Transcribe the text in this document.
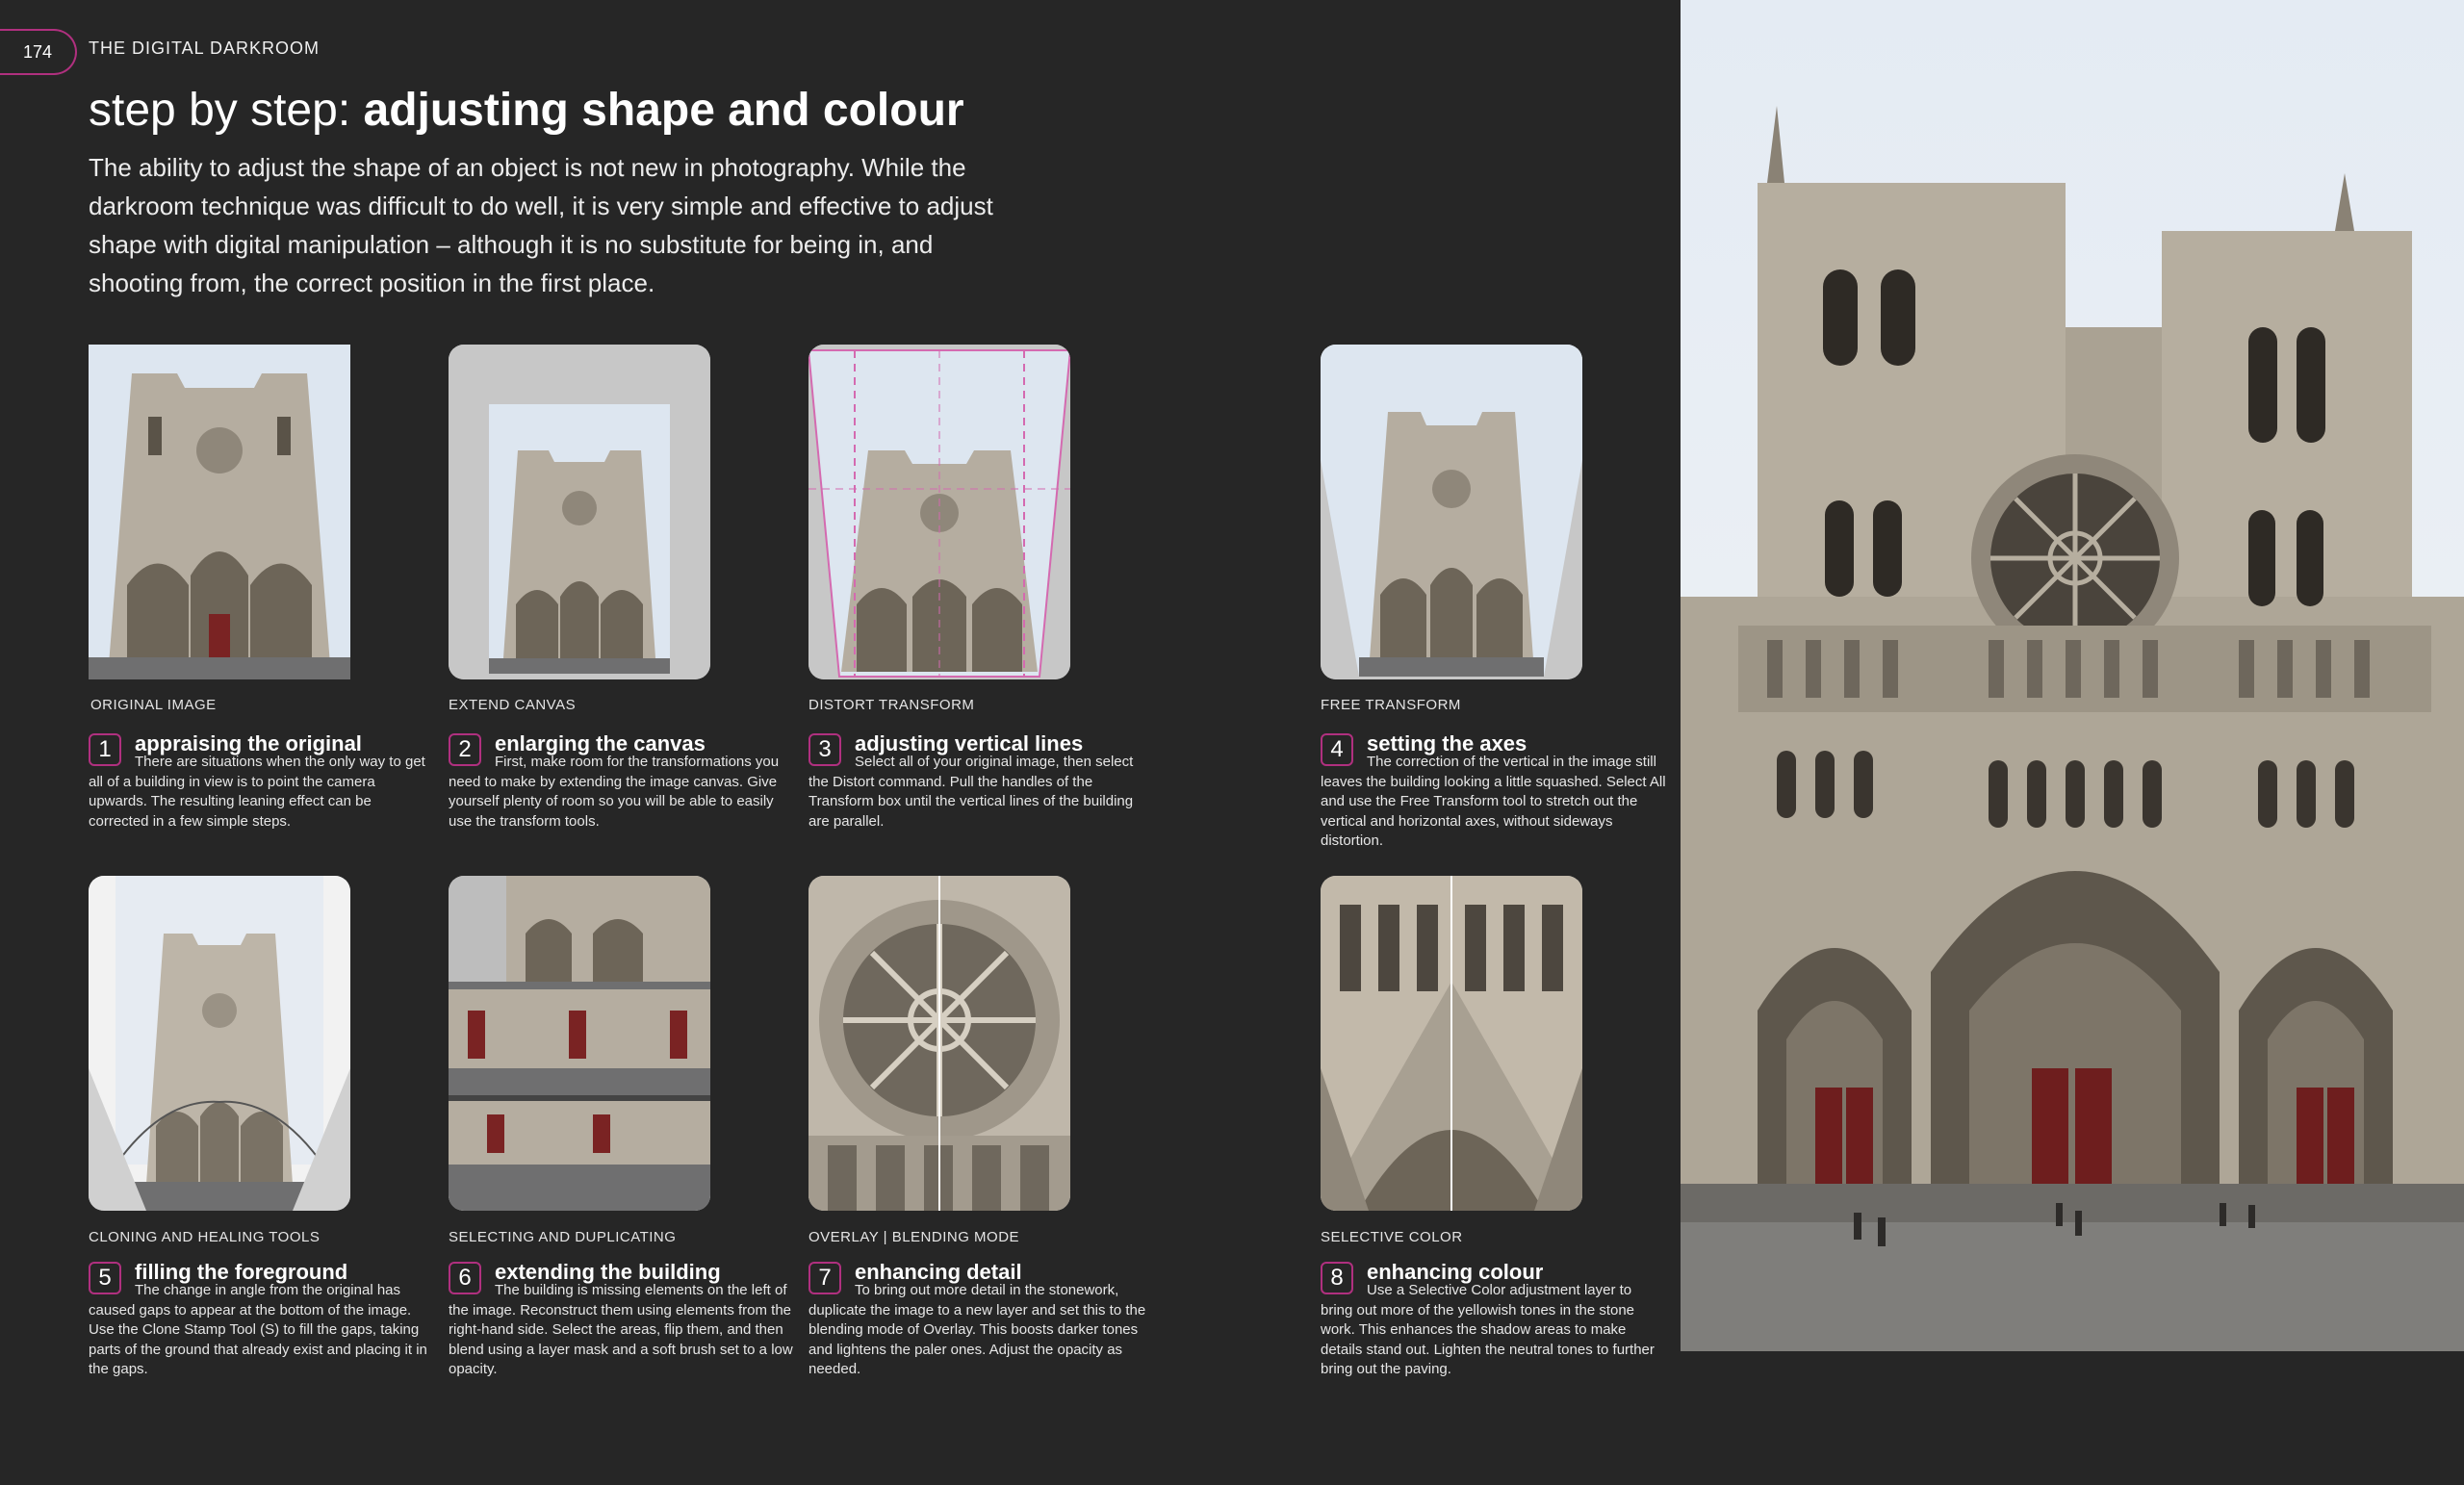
174 THE DIGITAL DARKROOM
step by step: adjusting shape and colour
The ability to adjust the shape of an object is not new in photography. While the darkroom technique was difficult to do well, it is very simple and effective to adjust shape with digital manipulation – although it is no substitute for being in, and shooting from, the correct position in the first place.
ORIGINAL IMAGE	EXTEND CANVAS	DISTORT TRANSFORM	FREE TRANSFORM
CLONING AND HEALING TOOLS	SELECTING AND DUPLICATING	OVERLAY | BLENDING MODE	SELECTIVE COLOR
1	appraising the original
There are situations when the only way to get all of a building in view is to point the camera upwards. The resulting leaning effect can be corrected in a few simple steps.
2	enlarging the canvas
First, make room for the transformations you need to make by extending the image canvas. Give yourself plenty of room so you will be able to easily use the transform tools.
3	adjusting vertical lines
Select all of your original image, then select the Distort command. Pull the handles of the Transform box until the vertical lines of the building are parallel.
4	setting the axes
The correction of the vertical in the image still leaves the building looking a little squashed. Select All and use the Free Transform tool to stretch out the vertical and horizontal axes, without sideways distortion.
5	filling the foreground
The change in angle from the original has caused gaps to appear at the bottom of the image. Use the Clone Stamp Tool (S) to fill the gaps, taking parts of the ground that already exist and placing it in the gaps.
6	extending the building
The building is missing elements on the left of the image. Reconstruct them using elements from the right-hand side. Select the areas, flip them, and then blend using a layer mask and a soft brush set to a low opacity.
7	enhancing detail
To bring out more detail in the stonework, duplicate the image to a new layer and set this to the blending mode of Overlay. This boosts darker tones and lightens the paler ones. Adjust the opacity as needed.
8	enhancing colour
Use a Selective Color adjustment layer to bring out more of the yellowish tones in the stone work. This enhances the shadow areas to make details stand out. Lighten the neutral tones to further bring out the paving.
